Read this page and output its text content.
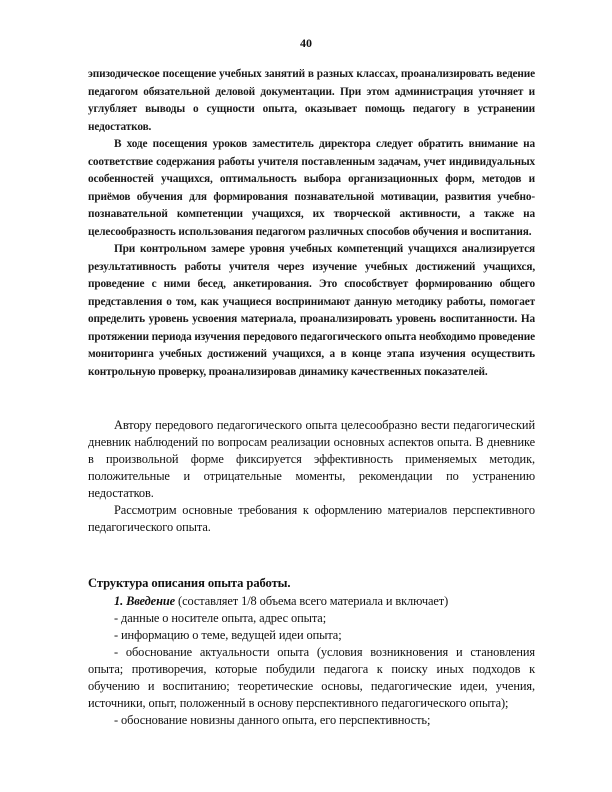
40

эпизодическое посещение учебных занятий в разных классах, проанализировать ведение педагогом обязательной деловой документации. При этом администрация уточняет и углубляет выводы о сущности опыта, оказывает помощь педагогу в устранении недостатков.

В ходе посещения уроков заместитель директора следует обратить внимание на соответствие содержания работы учителя поставленным задачам, учет индивидуальных особенностей учащихся, оптимальность выбора организационных форм, методов и приёмов обучения для формирования познавательной мотивации, развития учебно-познавательной компетенции учащихся, их творческой активности, а также на целесообразность использования педагогом различных способов обучения и воспитания.

При контрольном замере уровня учебных компетенций учащихся анализируется результативность работы учителя через изучение учебных достижений учащихся, проведение с ними бесед, анкетирования. Это способствует формированию общего представления о том, как учащиеся воспринимают данную методику работы, помогает определить уровень усвоения материала, проанализировать уровень воспитанности. На протяжении периода изучения передового педагогического опыта необходимо проведение мониторинга учебных достижений учащихся, а в конце этапа изучения осуществить контрольную проверку, проанализировав динамику качественных показателей.

Автору передового педагогического опыта целесообразно вести педагогический дневник наблюдений по вопросам реализации основных аспектов опыта. В дневнике в произвольной форме фиксируется эффективность применяемых методик, положительные и отрицательные моменты, рекомендации по устранению недостатков.

Рассмотрим основные требования к оформлению материалов перспективного педагогического опыта.

Структура описания опыта работы.

1. Введение (составляет 1/8 объема всего материала и включает)

- данные о носителе опыта, адрес опыта;

- информацию о теме, ведущей идеи опыта;

- обоснование актуальности опыта (условия возникновения и становления опыта; противоречия, которые побудили педагога к поиску иных подходов к обучению и воспитанию; теоретические основы, педагогические идеи, учения, источники, опыт, положенный в основу перспективного педагогического опыта);

- обоснование новизны данного опыта, его перспективность;
